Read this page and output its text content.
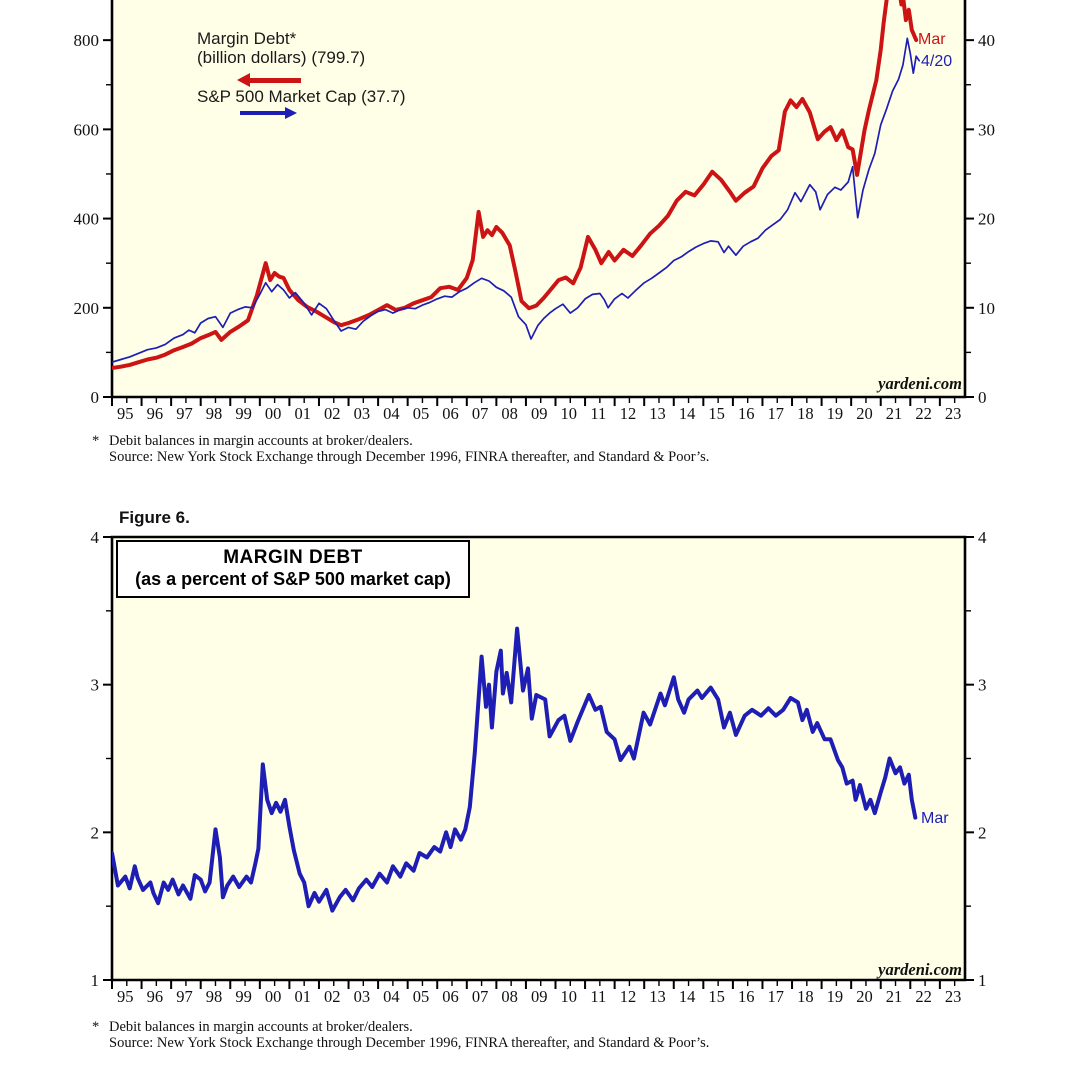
0
200
400
600
800
0
10
20
30
40
95 96 97 98 99 00 01 02 03 04 05 06 07 08 09 10 11 12 13 14 15 16 17 18 19 20 21 22 23
Margin Debt*
(billion dollars) (799.7)
S&P 500 Market Cap (37.7)
Mar
4/20
yardeni.com
* Debit balances in margin accounts at broker/dealers.
Source: New York Stock Exchange through December 1996, FINRA thereafter, and Standard & Poor’s.
Figure 6.
1
2
3
4
1
2
3
4
95 96 97 98 99 00 01 02 03 04 05 06 07 08 09 10 11 12 13 14 15 16 17 18 19 20 21 22 23
MARGIN DEBT
(as a percent of S&P 500 market cap)
Mar
yardeni.com
* Debit balances in margin accounts at broker/dealers.
Source: New York Stock Exchange through December 1996, FINRA thereafter, and Standard & Poor’s.
